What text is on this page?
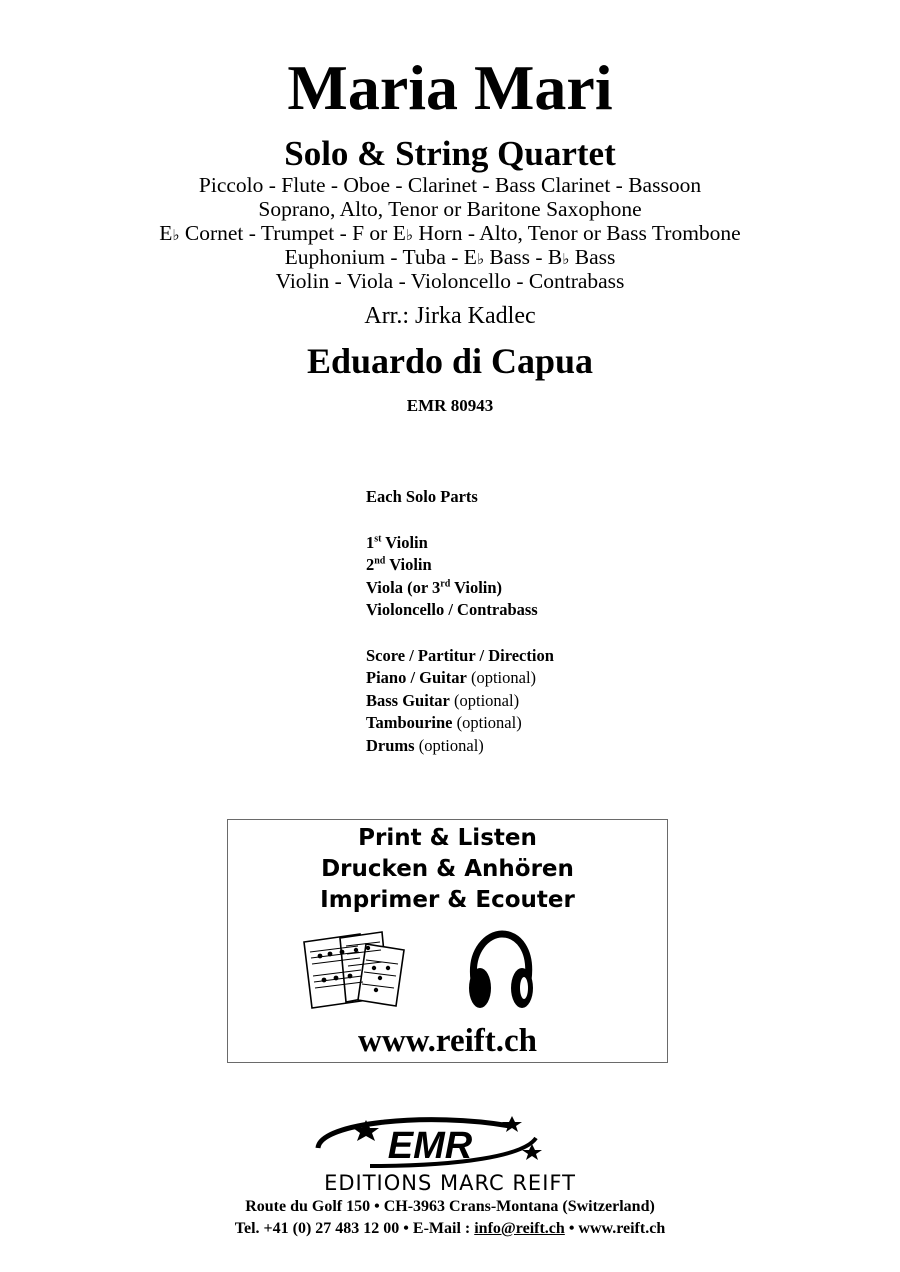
Maria Mari
Solo & String Quartet
Piccolo - Flute - Oboe - Clarinet - Bass Clarinet - Bassoon
Soprano, Alto, Tenor or Baritone Saxophone
E♭ Cornet - Trumpet - F or E♭ Horn - Alto, Tenor or Bass Trombone
Euphonium - Tuba - E♭ Bass - B♭ Bass
Violin - Viola - Violoncello - Contrabass
Arr.: Jirka Kadlec
Eduardo di Capua
EMR 80943
Each Solo Parts
1st Violin
2nd Violin
Viola (or 3rd Violin)
Violoncello / Contrabass
Score / Partitur / Direction
Piano / Guitar (optional)
Bass Guitar (optional)
Tambourine (optional)
Drums (optional)
Print & Listen
Drucken & Anhören
Imprimer & Ecouter
www.reift.ch
EMR
EDITIONS MARC REIFT
Route du Golf 150 • CH-3963 Crans-Montana (Switzerland)
Tel. +41 (0) 27 483 12 00 • E-Mail : info@reift.ch • www.reift.ch
